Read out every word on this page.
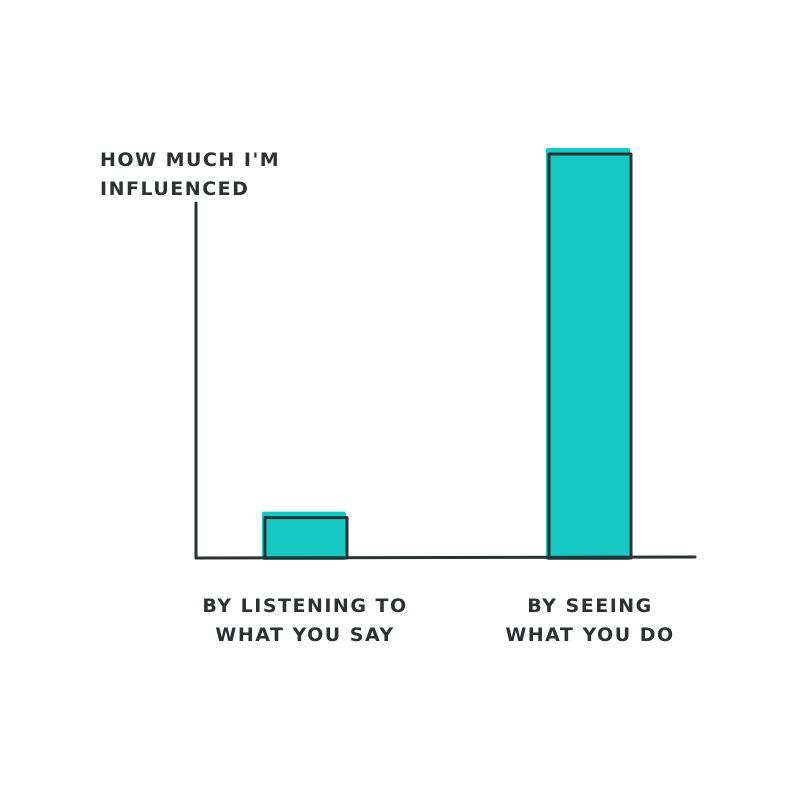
HOW MUCH I'M
INFLUENCED
BY LISTENING TO
WHAT YOU SAY
BY SEEING
WHAT YOU DO
